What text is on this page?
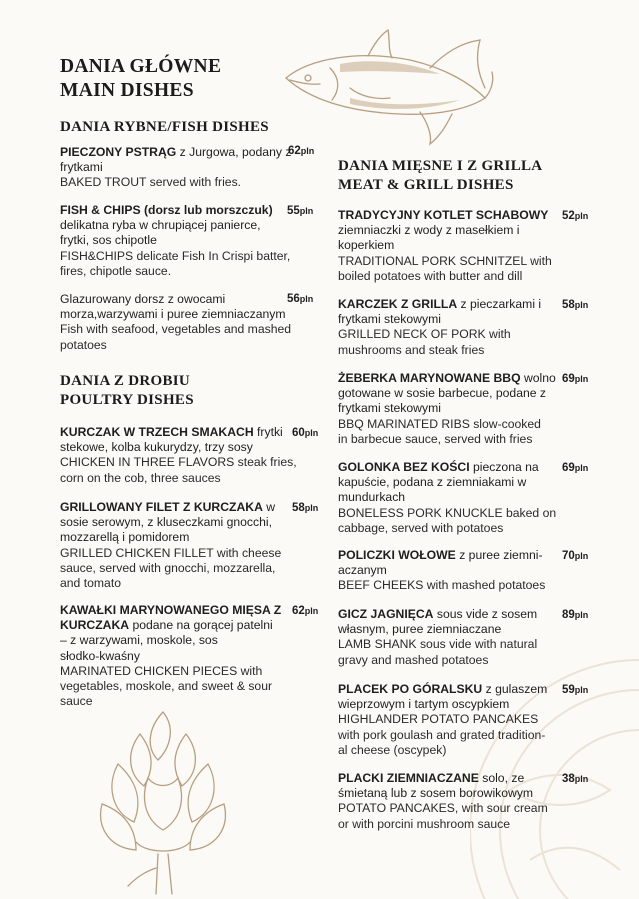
DANIA GŁÓWNE
MAIN DISHES
DANIA RYBNE/FISH DISHES
PIECZONY PSTRĄG z Jurgowa, podany z
frytkami
BAKED TROUT served with fries.
FISH & CHIPS (dorsz lub morszczuk)
delikatna ryba w chrupiącej panierce,
frytki, sos chipotle
FISH&CHIPS delicate Fish In Crispi batter,
fires, chipotle sauce.
Glazurowany dorsz z owocami
morza,warzywami i puree ziemniaczanym
Fish with seafood, vegetables and mashed
potatoes
62pln
55pln
56pln
DANIA Z DROBIU
POULTRY DISHES
KURCZAK W TRZECH SMAKACH frytki
stekowe, kolba kukurydzy, trzy sosy
CHICKEN IN THREE FLAVORS steak fries,
corn on the cob, three sauces
GRILLOWANY FILET Z KURCZAKA w
sosie serowym, z kluseczkami gnocchi,
mozzarellą i pomidorem
GRILLED CHICKEN FILLET with cheese
sauce, served with gnocchi, mozzarella,
and tomato
KAWAŁKI MARYNOWANEGO MIĘSA Z
KURCZAKA podane na gorącej patelni
– z warzywami, moskole, sos
słodko-kwaśny
MARINATED CHICKEN PIECES with
vegetables, moskole, and sweet & sour
sauce
60pln
58pln
62pln
DANIA MIĘSNE I Z GRILLA
MEAT & GRILL DISHES
TRADYCYJNY KOTLET SCHABOWY
ziemniaczki z wody z masełkiem i
koperkiem
TRADITIONAL PORK SCHNITZEL with
boiled potatoes with butter and dill
KARCZEK Z GRILLA z pieczarkami i
frytkami stekowymi
GRILLED NECK OF PORK with
mushrooms and steak fries
ŻEBERKA MARYNOWANE BBQ wolno
gotowane w sosie barbecue, podane z
frytkami stekowymi
BBQ MARINATED RIBS slow-cooked
in barbecue sauce, served with fries
GOLONKA BEZ KOŚCI pieczona na
kapuście, podana z ziemniakami w
mundurkach
BONELESS PORK KNUCKLE baked on
cabbage, served with potatoes
POLICZKI WOŁOWE z puree ziemni-
aczanym
BEEF CHEEKS with mashed potatoes
GICZ JAGNIĘCA sous vide z sosem
własnym, puree ziemniaczane
LAMB SHANK sous vide with natural
gravy and mashed potatoes
PLACEK PO GÓRALSKU z gulaszem
wieprzowym i tartym oscypkiem
HIGHLANDER POTATO PANCAKES
with pork goulash and grated tradition-
al cheese (oscypek)
PLACKI ZIEMNIACZANE solo, ze
śmietaną lub z sosem borowikowym
POTATO PANCAKES, with sour cream
or with porcini mushroom sauce
52pln
58pln
69pln
69pln
70pln
89pln
59pln
38pln
